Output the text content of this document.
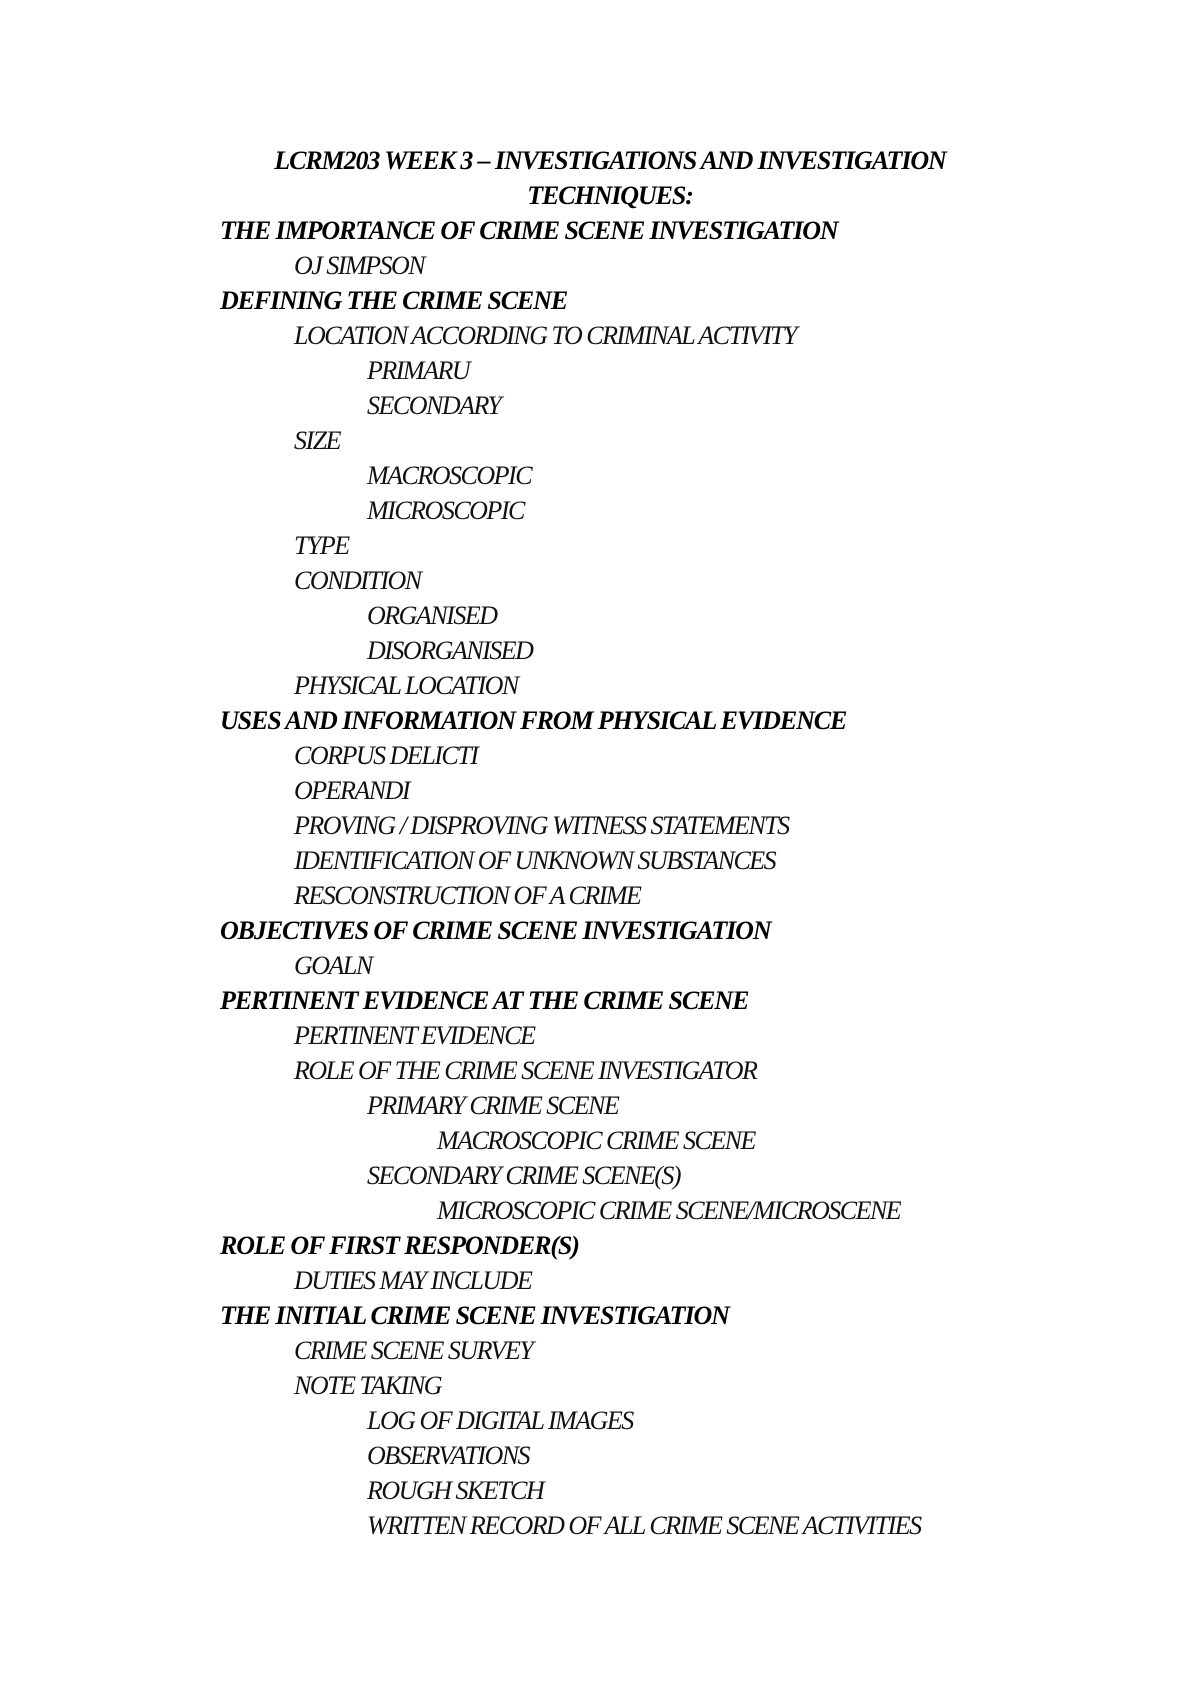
LCRM203 WEEK 3 – INVESTIGATIONS AND INVESTIGATION
TECHNIQUES:
THE IMPORTANCE OF CRIME SCENE INVESTIGATION
OJ SIMPSON
DEFINING THE CRIME SCENE
LOCATION ACCORDING TO CRIMINAL ACTIVITY
PRIMARU
SECONDARY
SIZE
MACROSCOPIC
MICROSCOPIC
TYPE
CONDITION
ORGANISED
DISORGANISED
PHYSICAL LOCATION
USES AND INFORMATION FROM PHYSICAL EVIDENCE
CORPUS DELICTI
OPERANDI
PROVING / DISPROVING WITNESS STATEMENTS
IDENTIFICATION OF UNKNOWN SUBSTANCES
RESCONSTRUCTION OF A CRIME
OBJECTIVES OF CRIME SCENE INVESTIGATION
GOALN
PERTINENT EVIDENCE AT THE CRIME SCENE
PERTINENT EVIDENCE
ROLE OF THE CRIME SCENE INVESTIGATOR
PRIMARY CRIME SCENE
MACROSCOPIC CRIME SCENE
SECONDARY CRIME SCENE(S)
MICROSCOPIC CRIME SCENE/MICROSCENE
ROLE OF FIRST RESPONDER(S)
DUTIES MAY INCLUDE
THE INITIAL CRIME SCENE INVESTIGATION
CRIME SCENE SURVEY
NOTE TAKING
LOG OF DIGITAL IMAGES
OBSERVATIONS
ROUGH SKETCH
WRITTEN RECORD OF ALL CRIME SCENE ACTIVITIES
